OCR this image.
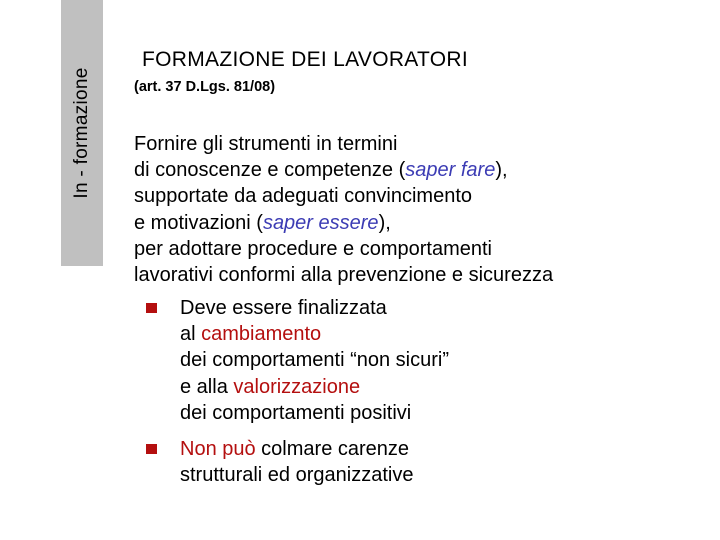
In - formazione
FORMAZIONE DEI LAVORATORI
(art. 37 D.Lgs. 81/08)
Fornire gli strumenti in termini
di conoscenze e competenze (saper fare),
supportate da adeguati convincimento
e motivazioni (saper essere),
per adottare procedure e comportamenti
lavorativi conformi alla prevenzione e sicurezza
Deve essere finalizzata
al cambiamento
dei comportamenti “non sicuri”
e alla valorizzazione
dei comportamenti positivi
Non può colmare carenze
strutturali ed organizzative
